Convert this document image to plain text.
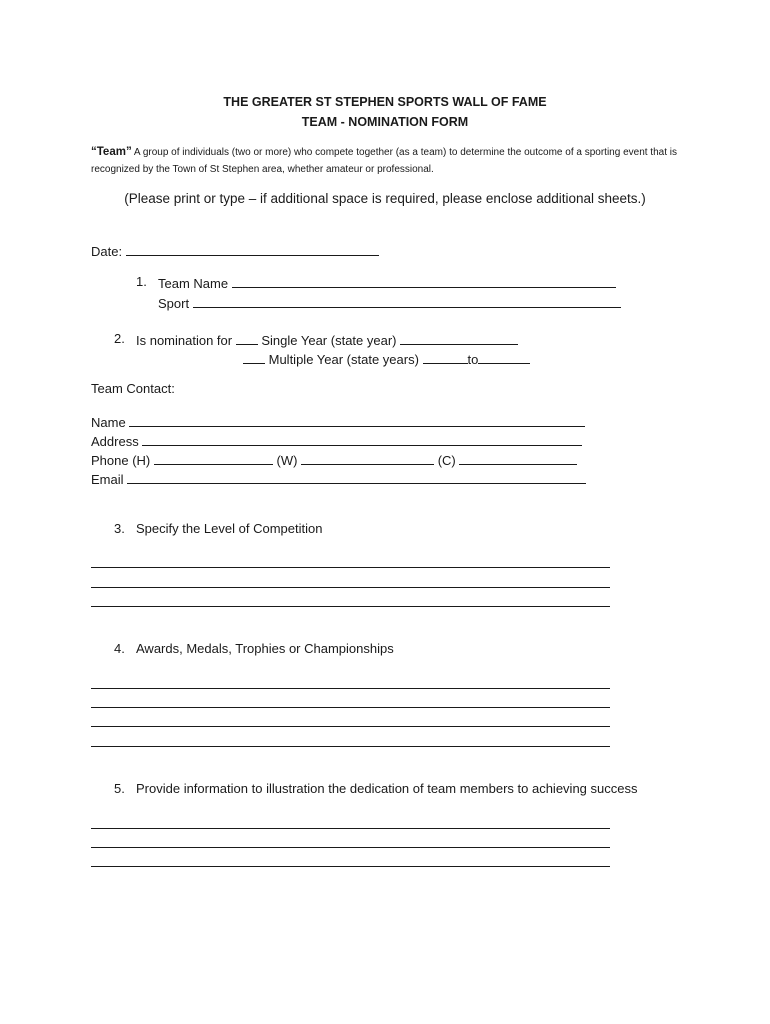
THE GREATER ST STEPHEN SPORTS WALL OF FAME
TEAM - NOMINATION FORM
“Team” A group of individuals (two or more) who compete together (as a team) to determine the outcome of a sporting event that is recognized by the Town of St Stephen area, whether amateur or professional.
(Please print or type – if additional space is required, please enclose additional sheets.)
Date:
1. Team Name
Sport
2. Is nomination for Single Year (state year)
Multiple Year (state years)	to
Team Contact:
Name
Address
Phone (H)	(W)	(C)
Email
3. Specify the Level of Competition
4. Awards, Medals, Trophies or Championships
5. Provide information to illustration the dedication of team members to achieving success
